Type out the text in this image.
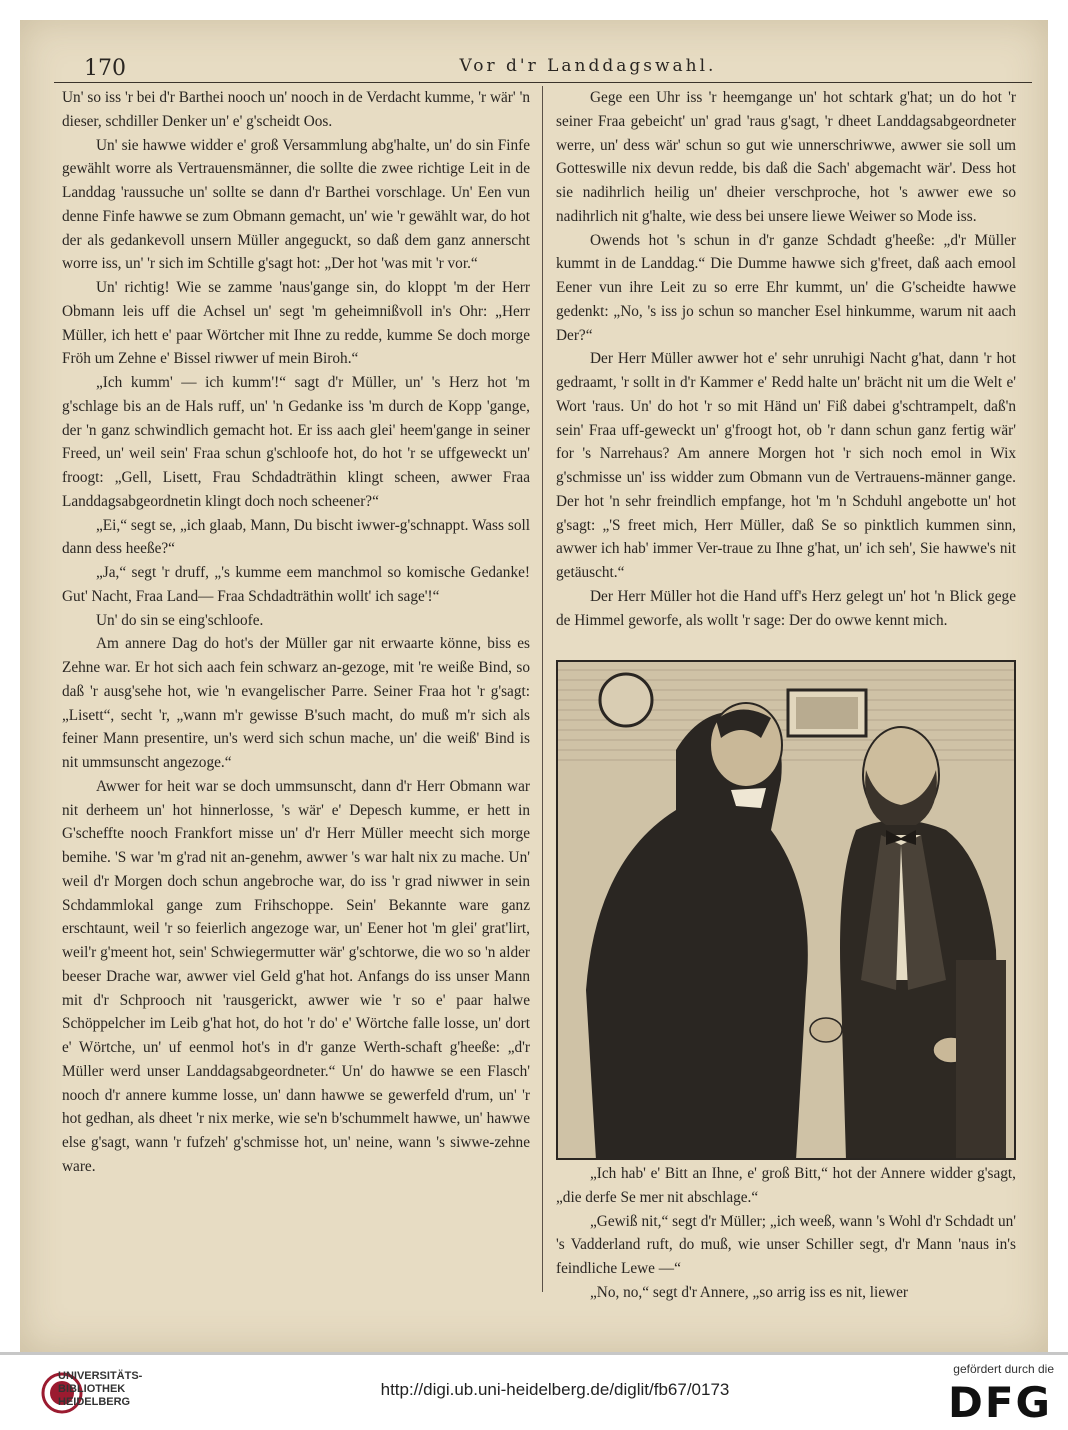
170	Vor d'r Landdagswahl.

Un' so iss 'r bei d'r Barthei nooch un' nooch in de Verdacht kumme, 'r wär' 'n dieser, schdiller Denker un' e' g'scheidt Oos.

Un' sie hawwe widder e' groß Versammlung abg'halte, un' do sin Finfe gewählt worre als Vertrauensmänner, die sollte die zwee richtige Leit in de Landdag 'raussuche un' sollte se dann d'r Barthei vorschlage. Un' Een vun denne Finfe hawwe se zum Obmann gemacht, un' wie 'r gewählt war, do hot der als gedankevoll unsern Müller angeguckt, so daß dem ganz annerscht worre iss, un' 'r sich im Schtille g'sagt hot: „Der hot 'was mit 'r vor.“

Un' richtig! Wie se zamme 'naus'gange sin, do kloppt 'm der Herr Obmann leis uff die Achsel un' segt 'm geheimnißvoll in's Ohr: „Herr Müller, ich hett e' paar Wörtcher mit Ihne zu redde, kumme Se doch morge Fröh um Zehne e' Bissel riwwer uf mein Biroh.“

„Ich kumm' — ich kumm'!“ sagt d'r Müller, un' 's Herz hot 'm g'schlage bis an de Hals ruff, un' 'n Gedanke iss 'm durch de Kopp 'gange, der 'n ganz schwindlich gemacht hot. Er iss aach glei' heem'gange in seiner Freed, un' weil sein' Fraa schun g'schloofe hot, do hot 'r se uffgeweckt un' froogt: „Gell, Lisett, Frau Schdadträthin klingt scheen, awwer Fraa Landdagsabgeordnetin klingt doch noch scheener?“

„Ei,“ segt se, „ich glaab, Mann, Du bischt iwwer-g'schnappt. Wass soll dann dess heeße?“

„Ja,“ segt 'r druff, „'s kumme eem manchmol so komische Gedanke! Gut' Nacht, Fraa Land— Fraa Schdadträthin wollt' ich sage'!“

Un' do sin se eing'schloofe.

Am annere Dag do hot's der Müller gar nit erwaarte könne, biss es Zehne war. Er hot sich aach fein schwarz an-gezoge, mit 're weiße Bind, so daß 'r ausg'sehe hot, wie 'n evangelischer Parre. Seiner Fraa hot 'r g'sagt: „Lisett“, secht 'r, „wann m'r gewisse B'such macht, do muß m'r sich als feiner Mann presentire, un's werd sich schun mache, un' die weiß' Bind is nit ummsunscht angezoge.“

Awwer for heit war se doch ummsunscht, dann d'r Herr Obmann war nit derheem un' hot hinnerlosse, 's wär' e' Depesch kumme, er hett in G'scheffte nooch Frankfort misse un' d'r Herr Müller meecht sich morge bemihe. 'S war 'm g'rad nit an-genehm, awwer 's war halt nix zu mache. Un' weil d'r Morgen doch schun angebroche war, do iss 'r grad niwwer in sein Schdammlokal gange zum Frihschoppe. Sein' Bekannte ware ganz erschtaunt, weil 'r so feierlich angezoge war, un' Eener hot 'm glei' grat'lirt, weil'r g'meent hot, sein' Schwiegermutter wär' g'schtorwe, die wo so 'n alder beeser Drache war, awwer viel Geld g'hat hot. Anfangs do iss unser Mann mit d'r Schprooch nit 'rausgerickt, awwer wie 'r so e' paar halwe Schöppelcher im Leib g'hat hot, do hot 'r do' e' Wörtche falle losse, un' dort e' Wörtche, un' uf eenmol hot's in d'r ganze Werth-schaft g'heeße: „d'r Müller werd unser Landdagsabgeordneter.“ Un' do hawwe se een Flasch' nooch d'r annere kumme losse, un' dann hawwe se gewerfeld d'rum, un' 'r hot gedhan, als dheet 'r nix merke, wie se'n b'schummelt hawwe, un' hawwe else g'sagt, wann 'r fufzeh' g'schmisse hot, un' neine, wann 's siwwe-zehne ware.

Gege een Uhr iss 'r heemgange un' hot schtark g'hat; un do hot 'r seiner Fraa gebeicht' un' grad 'raus g'sagt, 'r dheet Landdagsabgeordneter werre, un' dess wär' schun so gut wie unnerschriwwe, awwer sie soll um Gotteswille nix devun redde, bis daß die Sach' abgemacht wär'. Dess hot sie nadihrlich heilig un' dheier verschproche, hot 's awwer ewe so nadihrlich nit g'halte, wie dess bei unsere liewe Weiwer so Mode iss.

Owends hot 's schun in d'r ganze Schdadt g'heeße: „d'r Müller kummt in de Landdag.“ Die Dumme hawwe sich g'freet, daß aach emool Eener vun ihre Leit zu so erre Ehr kummt, un' die G'scheidte hawwe gedenkt: „No, 's iss jo schun so mancher Esel hinkumme, warum nit aach Der?“

Der Herr Müller awwer hot e' sehr unruhigi Nacht g'hat, dann 'r hot gedraamt, 'r sollt in d'r Kammer e' Redd halte un' brächt nit um die Welt e' Wort 'raus. Un' do hot 'r so mit Händ un' Fiß dabei g'schtrampelt, daß'n sein' Fraa uff-geweckt un' g'froogt hot, ob 'r dann schun ganz fertig wär' for 's Narrehaus? Am annere Morgen hot 'r sich noch emol in Wix g'schmisse un' iss widder zum Obmann vun de Vertrauens-männer gange. Der hot 'n sehr freindlich empfange, hot 'm 'n Schduhl angebotte un' hot g'sagt: „'S freet mich, Herr Müller, daß Se so pinktlich kummen sinn, awwer ich hab' immer Ver-traue zu Ihne g'hat, un' ich seh', Sie hawwe's nit getäuscht.“

Der Herr Müller hot die Hand uff's Herz gelegt un' hot 'n Blick gege de Himmel geworfe, als wollt 'r sage: Der do owwe kennt mich.

„Ich hab' e' Bitt an Ihne, e' groß Bitt,“ hot der Annere widder g'sagt, „die derfe Se mer nit abschlage.“

„Gewiß nit,“ segt d'r Müller; „ich weeß, wann 's Wohl d'r Schdadt un' 's Vadderland ruft, do muß, wie unser Schiller segt, d'r Mann 'naus in's feindliche Lewe —“

„No, no,“ segt d'r Annere, „so arrig iss es nit, liewer

UNIVERSITÄTS-
BIBLIOTHEK
HEIDELBERG
http://digi.ub.uni-heidelberg.de/diglit/fb67/0173
gefördert durch die
DFG
